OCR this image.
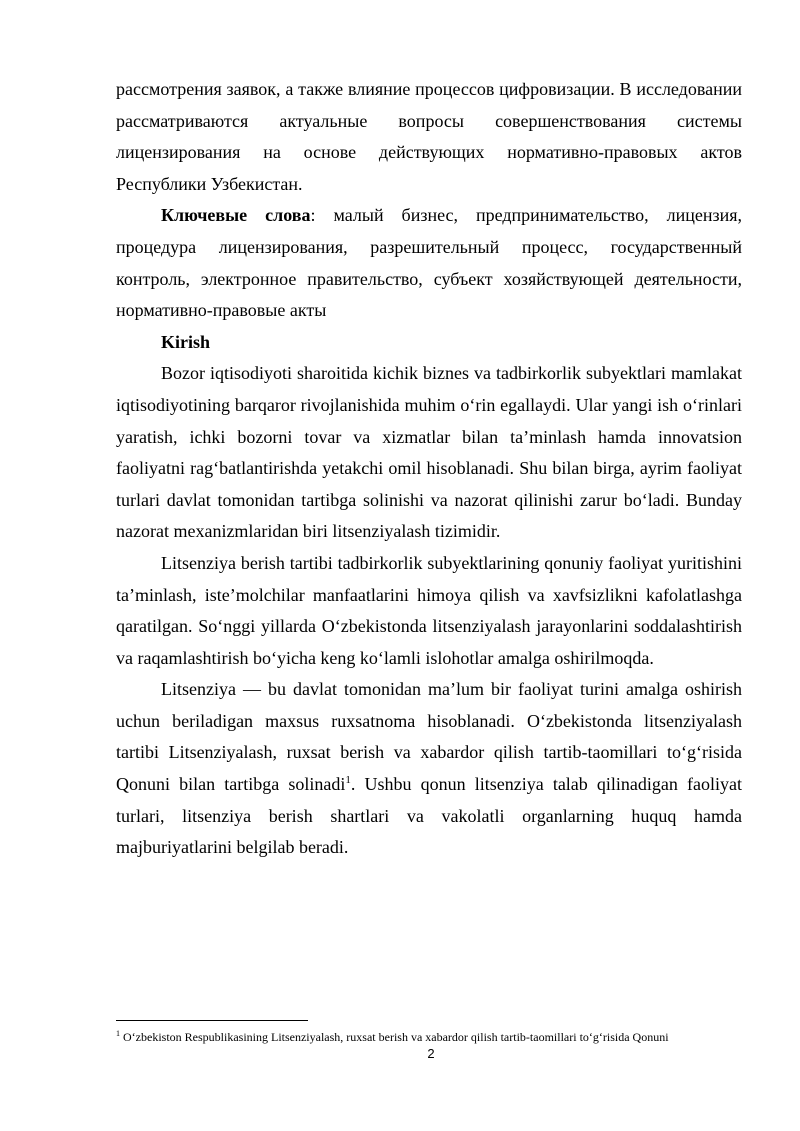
рассмотрения заявок, а также влияние процессов цифровизации. В исследовании рассматриваются актуальные вопросы совершенствования системы лицензирования на основе действующих нормативно-правовых актов Республики Узбекистан.

Ключевые слова: малый бизнес, предпринимательство, лицензия, процедура лицензирования, разрешительный процесс, государственный контроль, электронное правительство, субъект хозяйствующей деятельности, нормативно-правовые акты

Kirish

Bozor iqtisodiyoti sharoitida kichik biznes va tadbirkorlik subyektlari mamlakat iqtisodiyotining barqaror rivojlanishida muhim oʻrin egallaydi. Ular yangi ish oʻrinlari yaratish, ichki bozorni tovar va xizmatlar bilan taʼminlash hamda innovatsion faoliyatni ragʻbatlantirishda yetakchi omil hisoblanadi. Shu bilan birga, ayrim faoliyat turlari davlat tomonidan tartibga solinishi va nazorat qilinishi zarur boʻladi. Bunday nazorat mexanizmlaridan biri litsenziyalash tizimidir.

Litsenziya berish tartibi tadbirkorlik subyektlarining qonuniy faoliyat yuritishini taʼminlash, isteʼmolchilar manfaatlarini himoya qilish va xavfsizlikni kafolatlashga qaratilgan. Soʻnggi yillarda Oʻzbekistonda litsenziyalash jarayonlarini soddalashtirish va raqamlashtirish boʻyicha keng koʻlamli islohotlar amalga oshirilmoqda.

Litsenziya — bu davlat tomonidan maʼlum bir faoliyat turini amalga oshirish uchun beriladigan maxsus ruxsatnoma hisoblanadi. Oʻzbekistonda litsenziyalash tartibi Litsenziyalash, ruxsat berish va xabardor qilish tartib-taomillari toʻgʻrisida Qonuni bilan tartibga solinadi$^1$. Ushbu qonun litsenziya talab qilinadigan faoliyat turlari, litsenziya berish shartlari va vakolatli organlarning huquq hamda majburiyatlarini belgilab beradi.

$^1$ Oʻzbekiston Respublikasining Litsenziyalash, ruxsat berish va xabardor qilish tartib-taomillari toʻgʻrisida Qonuni
2
